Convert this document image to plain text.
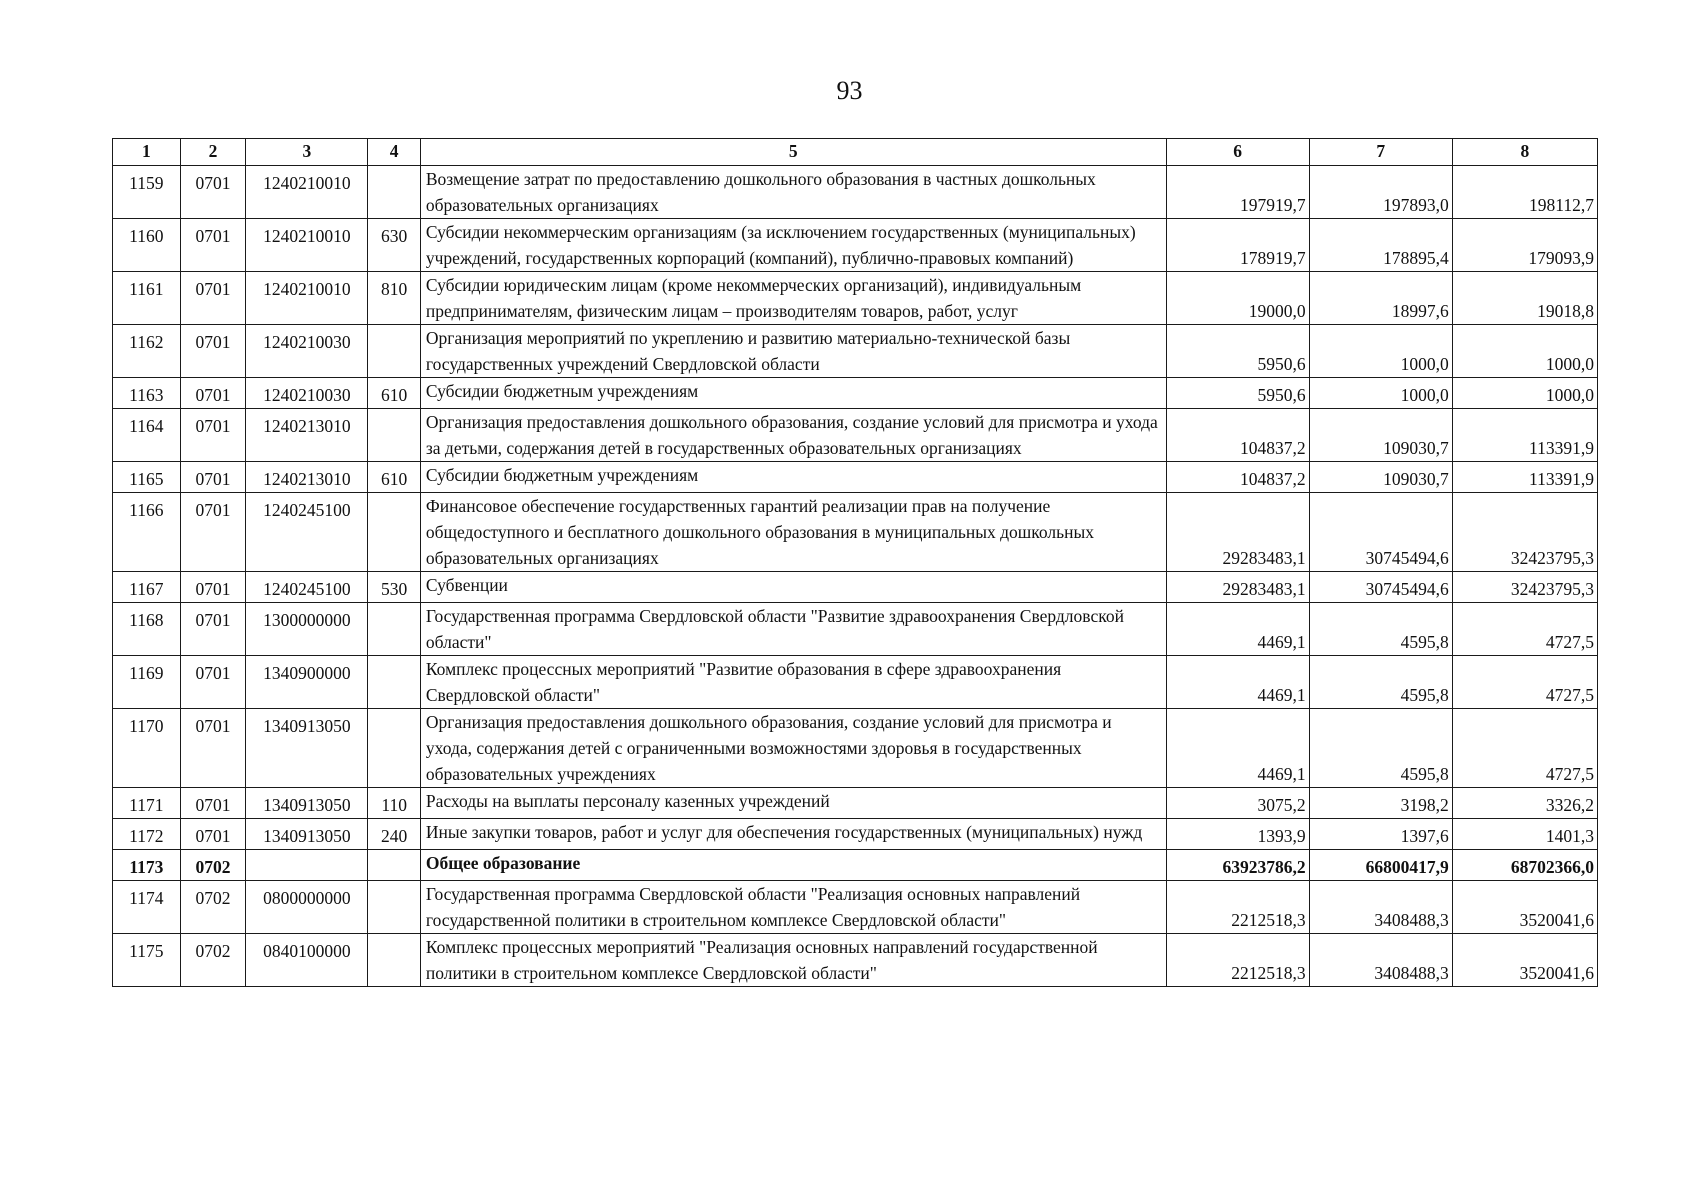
93
1	2	3	4	5	6	7	8
1159	0701	1240210010		Возмещение затрат по предоставлению дошкольного образования в частных дошкольных образовательных организациях	197919,7	197893,0	198112,7
1160	0701	1240210010	630	Субсидии некоммерческим организациям (за исключением государственных (муниципальных) учреждений, государственных корпораций (компаний), публично-правовых компаний)	178919,7	178895,4	179093,9
1161	0701	1240210010	810	Субсидии юридическим лицам (кроме некоммерческих организаций), индивидуальным предпринимателям, физическим лицам – производителям товаров, работ, услуг	19000,0	18997,6	19018,8
1162	0701	1240210030		Организация мероприятий по укреплению и развитию материально-технической базы государственных учреждений Свердловской области	5950,6	1000,0	1000,0
1163	0701	1240210030	610	Субсидии бюджетным учреждениям	5950,6	1000,0	1000,0
1164	0701	1240213010		Организация предоставления дошкольного образования, создание условий для присмотра и ухода за детьми, содержания детей в государственных образовательных организациях	104837,2	109030,7	113391,9
1165	0701	1240213010	610	Субсидии бюджетным учреждениям	104837,2	109030,7	113391,9
1166	0701	1240245100		Финансовое обеспечение государственных гарантий реализации прав на получение общедоступного и бесплатного дошкольного образования в муниципальных дошкольных образовательных организациях	29283483,1	30745494,6	32423795,3
1167	0701	1240245100	530	Субвенции	29283483,1	30745494,6	32423795,3
1168	0701	1300000000		Государственная программа Свердловской области "Развитие здравоохранения Свердловской области"	4469,1	4595,8	4727,5
1169	0701	1340900000		Комплекс процессных мероприятий "Развитие образования в сфере здравоохранения Свердловской области"	4469,1	4595,8	4727,5
1170	0701	1340913050		Организация предоставления дошкольного образования, создание условий для присмотра и ухода, содержания детей с ограниченными возможностями здоровья в государственных образовательных учреждениях	4469,1	4595,8	4727,5
1171	0701	1340913050	110	Расходы на выплаты персоналу казенных учреждений	3075,2	3198,2	3326,2
1172	0701	1340913050	240	Иные закупки товаров, работ и услуг для обеспечения государственных (муниципальных) нужд	1393,9	1397,6	1401,3
1173	0702			Общее образование	63923786,2	66800417,9	68702366,0
1174	0702	0800000000		Государственная программа Свердловской области "Реализация основных направлений государственной политики в строительном комплексе Свердловской области"	2212518,3	3408488,3	3520041,6
1175	0702	0840100000		Комплекс процессных мероприятий "Реализация основных направлений государственной политики в строительном комплексе Свердловской области"	2212518,3	3408488,3	3520041,6
